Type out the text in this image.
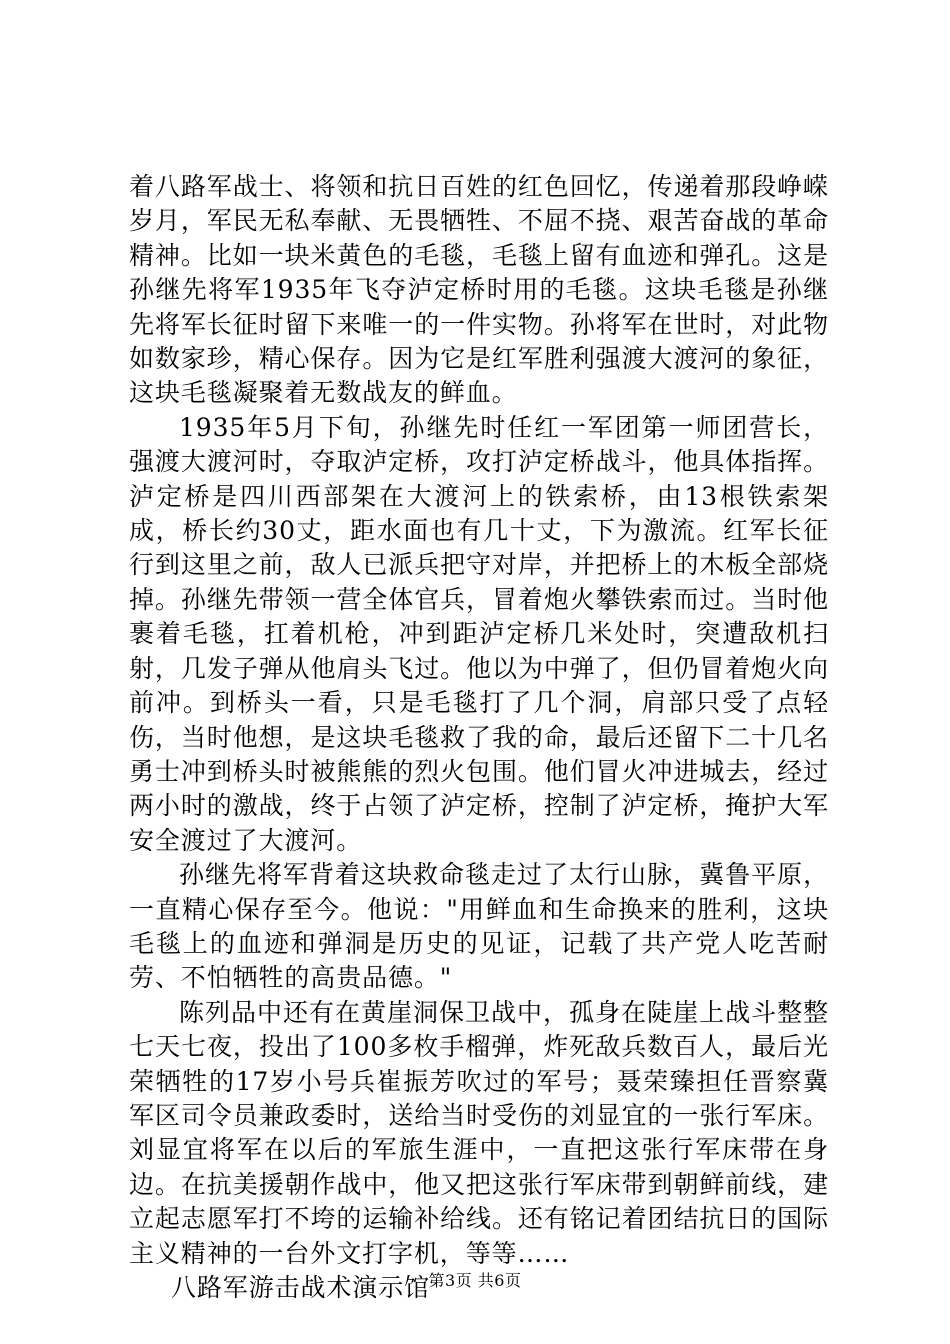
着八路军战士、将领和抗日百姓的红色回忆，传递着那段峥嵘岁月，军民无私奉献、无畏牺牲、不屈不挠、艰苦奋战的革命精神。比如一块米黄色的毛毯，毛毯上留有血迹和弹孔。这是孙继先将军1935年飞夺泸定桥时用的毛毯。这块毛毯是孙继先将军长征时留下来唯一的一件实物。孙将军在世时，对此物如数家珍，精心保存。因为它是红军胜利强渡大渡河的象征，这块毛毯凝聚着无数战友的鲜血。

1935年5月下旬，孙继先时任红一军团第一师团营长，强渡大渡河时，夺取泸定桥，攻打泸定桥战斗，他具体指挥。泸定桥是四川西部架在大渡河上的铁索桥，由13根铁索架成，桥长约30丈，距水面也有几十丈，下为激流。红军长征行到这里之前，敌人已派兵把守对岸，并把桥上的木板全部烧掉。孙继先带领一营全体官兵，冒着炮火攀铁索而过。当时他裹着毛毯，扛着机枪，冲到距泸定桥几米处时，突遭敌机扫射，几发子弹从他肩头飞过。他以为中弹了，但仍冒着炮火向前冲。到桥头一看，只是毛毯打了几个洞，肩部只受了点轻伤，当时他想，是这块毛毯救了我的命，最后还留下二十几名勇士冲到桥头时被熊熊的烈火包围。他们冒火冲进城去，经过两小时的激战，终于占领了泸定桥，控制了泸定桥，掩护大军安全渡过了大渡河。

孙继先将军背着这块救命毯走过了太行山脉，冀鲁平原，一直精心保存至今。他说："用鲜血和生命换来的胜利，这块毛毯上的血迹和弹洞是历史的见证，记载了共产党人吃苦耐劳、不怕牺牲的高贵品德。"

陈列品中还有在黄崖洞保卫战中，孤身在陡崖上战斗整整七天七夜，投出了100多枚手榴弹，炸死敌兵数百人，最后光荣牺牲的17岁小号兵崔振芳吹过的军号；聂荣臻担任晋察冀军区司令员兼政委时，送给当时受伤的刘显宜的一张行军床。刘显宜将军在以后的军旅生涯中，一直把这张行军床带在身边。在抗美援朝作战中，他又把这张行军床带到朝鲜前线，建立起志愿军打不垮的运输补给线。还有铭记着团结抗日的国际主义精神的一台外文打字机，等等……

八路军游击战术演示馆

第3页 共6页
